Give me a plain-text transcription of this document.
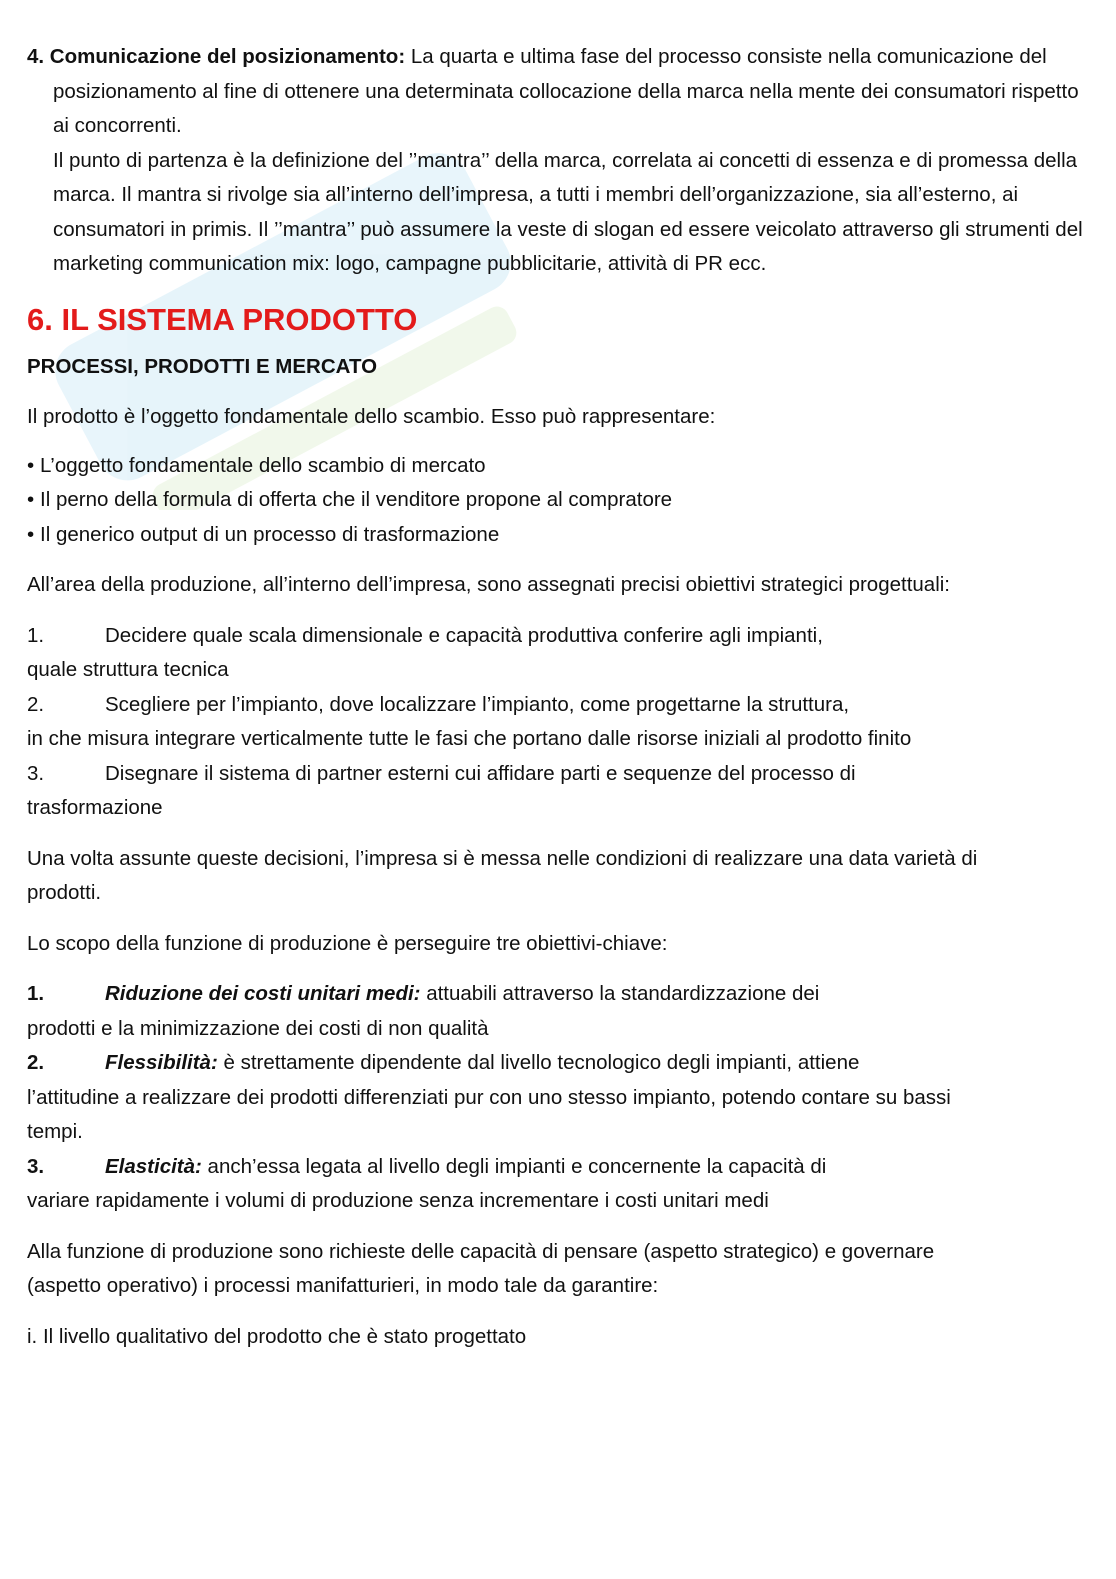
4. Comunicazione del posizionamento: La quarta e ultima fase del processo consiste nella comunicazione del posizionamento al fine di ottenere una determinata collocazione della marca nella mente dei consumatori rispetto ai concorrenti.
Il punto di partenza è la definizione del ’’mantra’’ della marca, correlata ai concetti di essenza e di promessa della marca. Il mantra si rivolge sia all’interno dell’impresa, a tutti i membri dell’organizzazione, sia all’esterno, ai consumatori in primis. Il ’’mantra’’ può assumere la veste di slogan ed essere veicolato attraverso gli strumenti del marketing communication mix: logo, campagne pubblicitarie, attività di PR ecc.
6. IL SISTEMA PRODOTTO
PROCESSI, PRODOTTI E MERCATO

Il prodotto è l’oggetto fondamentale dello scambio. Esso può rappresentare:

• L’oggetto fondamentale dello scambio di mercato
• Il perno della formula di offerta che il venditore propone al compratore
• Il generico output di un processo di trasformazione

All’area della produzione, all’interno dell’impresa, sono assegnati precisi obiettivi strategici progettuali:

1.	Decidere quale scala dimensionale e capacità produttiva conferire agli impianti,
quale struttura tecnica
2.	Scegliere per l’impianto, dove localizzare l’impianto, come progettarne la struttura,
in che misura integrare verticalmente tutte le fasi che portano dalle risorse iniziali al prodotto finito
3.	Disegnare il sistema di partner esterni cui affidare parti e sequenze del processo di
trasformazione

Una volta assunte queste decisioni, l’impresa si è messa nelle condizioni di realizzare una data varietà di prodotti.

Lo scopo della funzione di produzione è perseguire tre obiettivi-chiave:

1.	Riduzione dei costi unitari medi: attuabili attraverso la standardizzazione dei
prodotti e la minimizzazione dei costi di non qualità
2.	Flessibilità: è strettamente dipendente dal livello tecnologico degli impianti, attiene
l’attitudine a realizzare dei prodotti differenziati pur con uno stesso impianto, potendo contare su bassi tempi.
3.	Elasticità: anch’essa legata al livello degli impianti e concernente la capacità di
variare rapidamente i volumi di produzione senza incrementare i costi unitari medi

Alla funzione di produzione sono richieste delle capacità di pensare (aspetto strategico) e governare (aspetto operativo) i processi manifatturieri, in modo tale da garantire:

i. Il livello qualitativo del prodotto che è stato progettato
